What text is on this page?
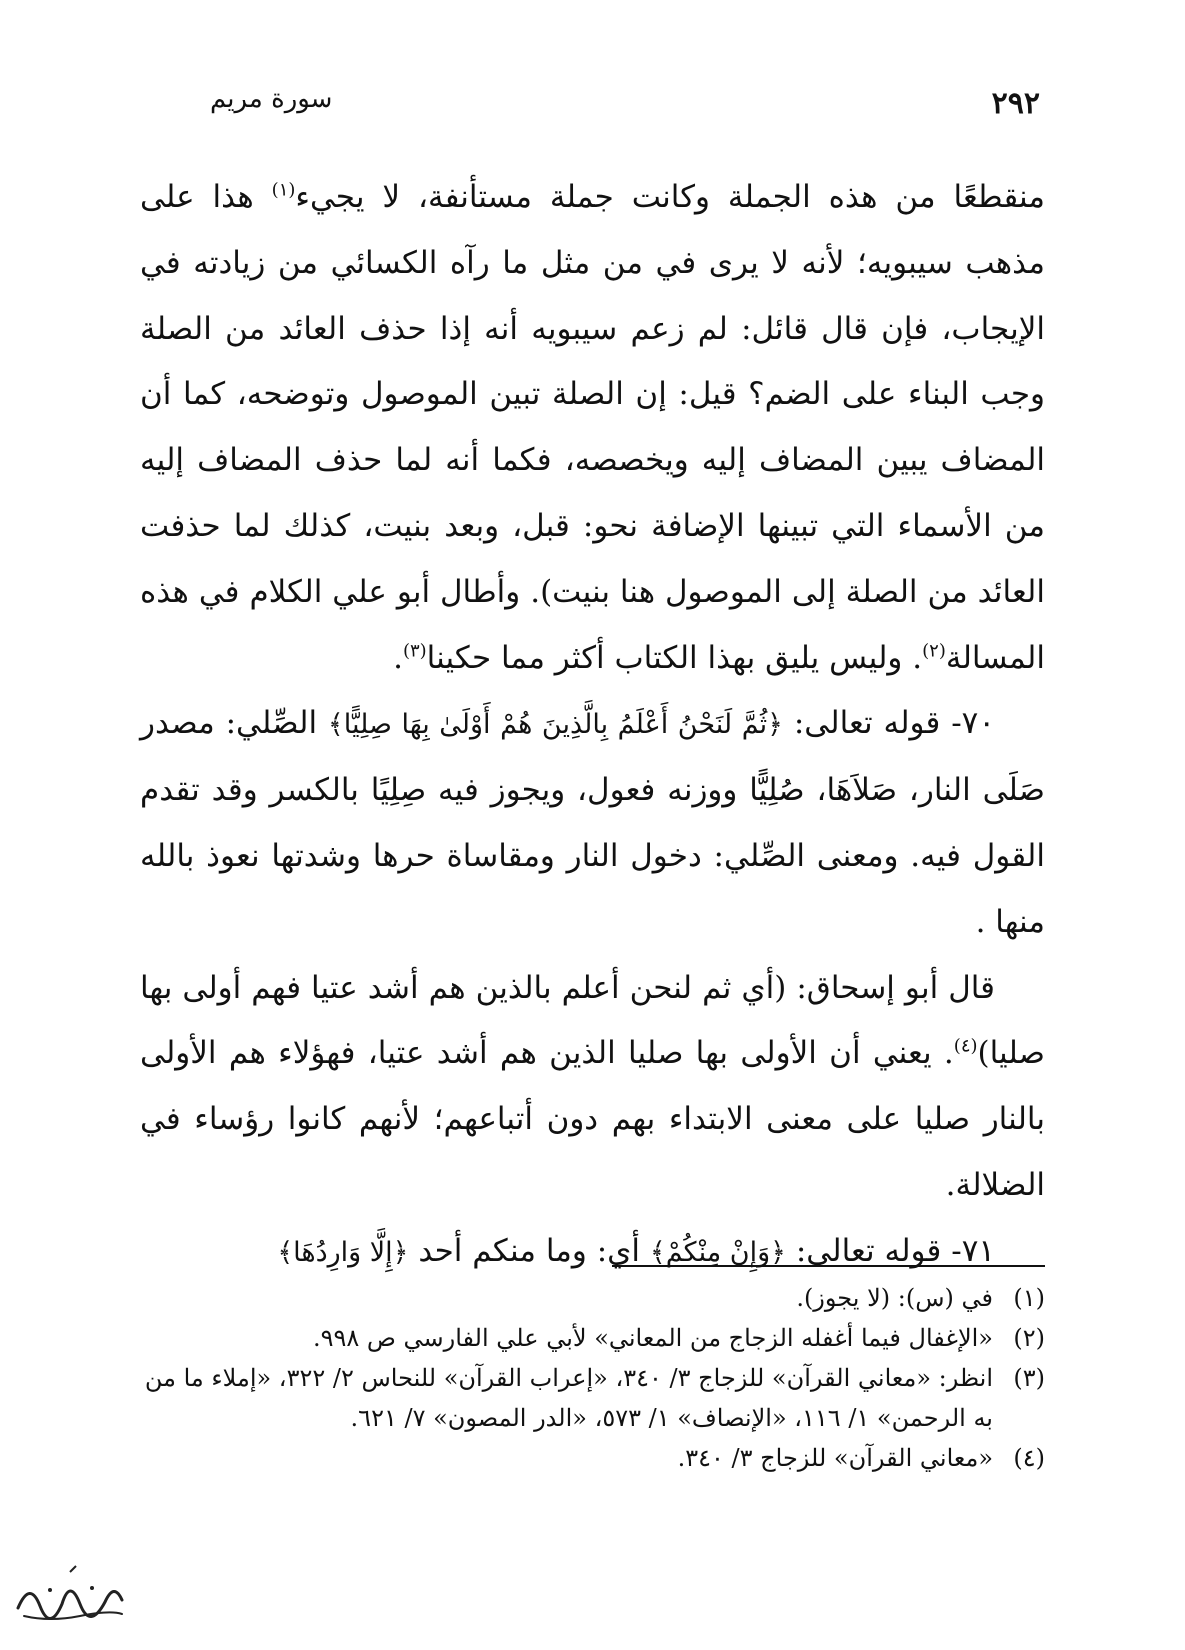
٢٩٢
سورة مريم

منقطعًا من هذه الجملة وكانت جملة مستأنفة، لا يجيء$^{(١)}$ هذا على مذهب سيبويه؛ لأنه لا يرى في من مثل ما رآه الكسائي من زيادته في الإيجاب، فإن قال قائل: لم زعم سيبويه أنه إذا حذف العائد من الصلة وجب البناء على الضم؟ قيل: إن الصلة تبين الموصول وتوضحه، كما أن المضاف يبين المضاف إليه ويخصصه، فكما أنه لما حذف المضاف إليه من الأسماء التي تبينها الإضافة نحو: قبل، وبعد بنيت، كذلك لما حذفت العائد من الصلة إلى الموصول هنا بنيت). وأطال أبو علي الكلام في هذه المسالة$^{(٢)}$. وليس يليق بهذا الكتاب أكثر مما حكينا$^{(٣)}$.

٧٠- قوله تعالى: ﴿ثُمَّ لَنَحْنُ أَعْلَمُ بِالَّذِينَ هُمْ أَوْلَىٰ بِهَا صِلِيًّا﴾ الصِّلي: مصدر صَلَى النار، صَلاَهَا، صُلِيًّا ووزنه فعول، ويجوز فيه صِلِيًا بالكسر وقد تقدم القول فيه. ومعنى الصِّلي: دخول النار ومقاساة حرها وشدتها نعوذ بالله منها .

قال أبو إسحاق: (أي ثم لنحن أعلم بالذين هم أشد عتيا فهم أولى بها صليا)$^{(٤)}$. يعني أن الأولى بها صليا الذين هم أشد عتيا، فهؤلاء هم الأولى بالنار صليا على معنى الابتداء بهم دون أتباعهم؛ لأنهم كانوا رؤساء في الضلالة.

٧١- قوله تعالى: ﴿وَإِنْ مِنْكُمْ﴾ أي: وما منكم أحد ﴿إِلَّا وَارِدُهَا﴾

(١)
في (س): (لا يجوز).
(٢)
«الإغفال فيما أغفله الزجاج من المعاني» لأبي علي الفارسي ص ٩٩٨.
(٣)
انظر: «معاني القرآن» للزجاج ٣/ ٣٤٠، «إعراب القرآن» للنحاس ٢/ ٣٢٢، «إملاء ما من به الرحمن» ١/ ١١٦، «الإنصاف» ١/ ٥٧٣، «الدر المصون» ٧/ ٦٢١.
(٤)
«معاني القرآن» للزجاج ٣/ ٣٤٠.
